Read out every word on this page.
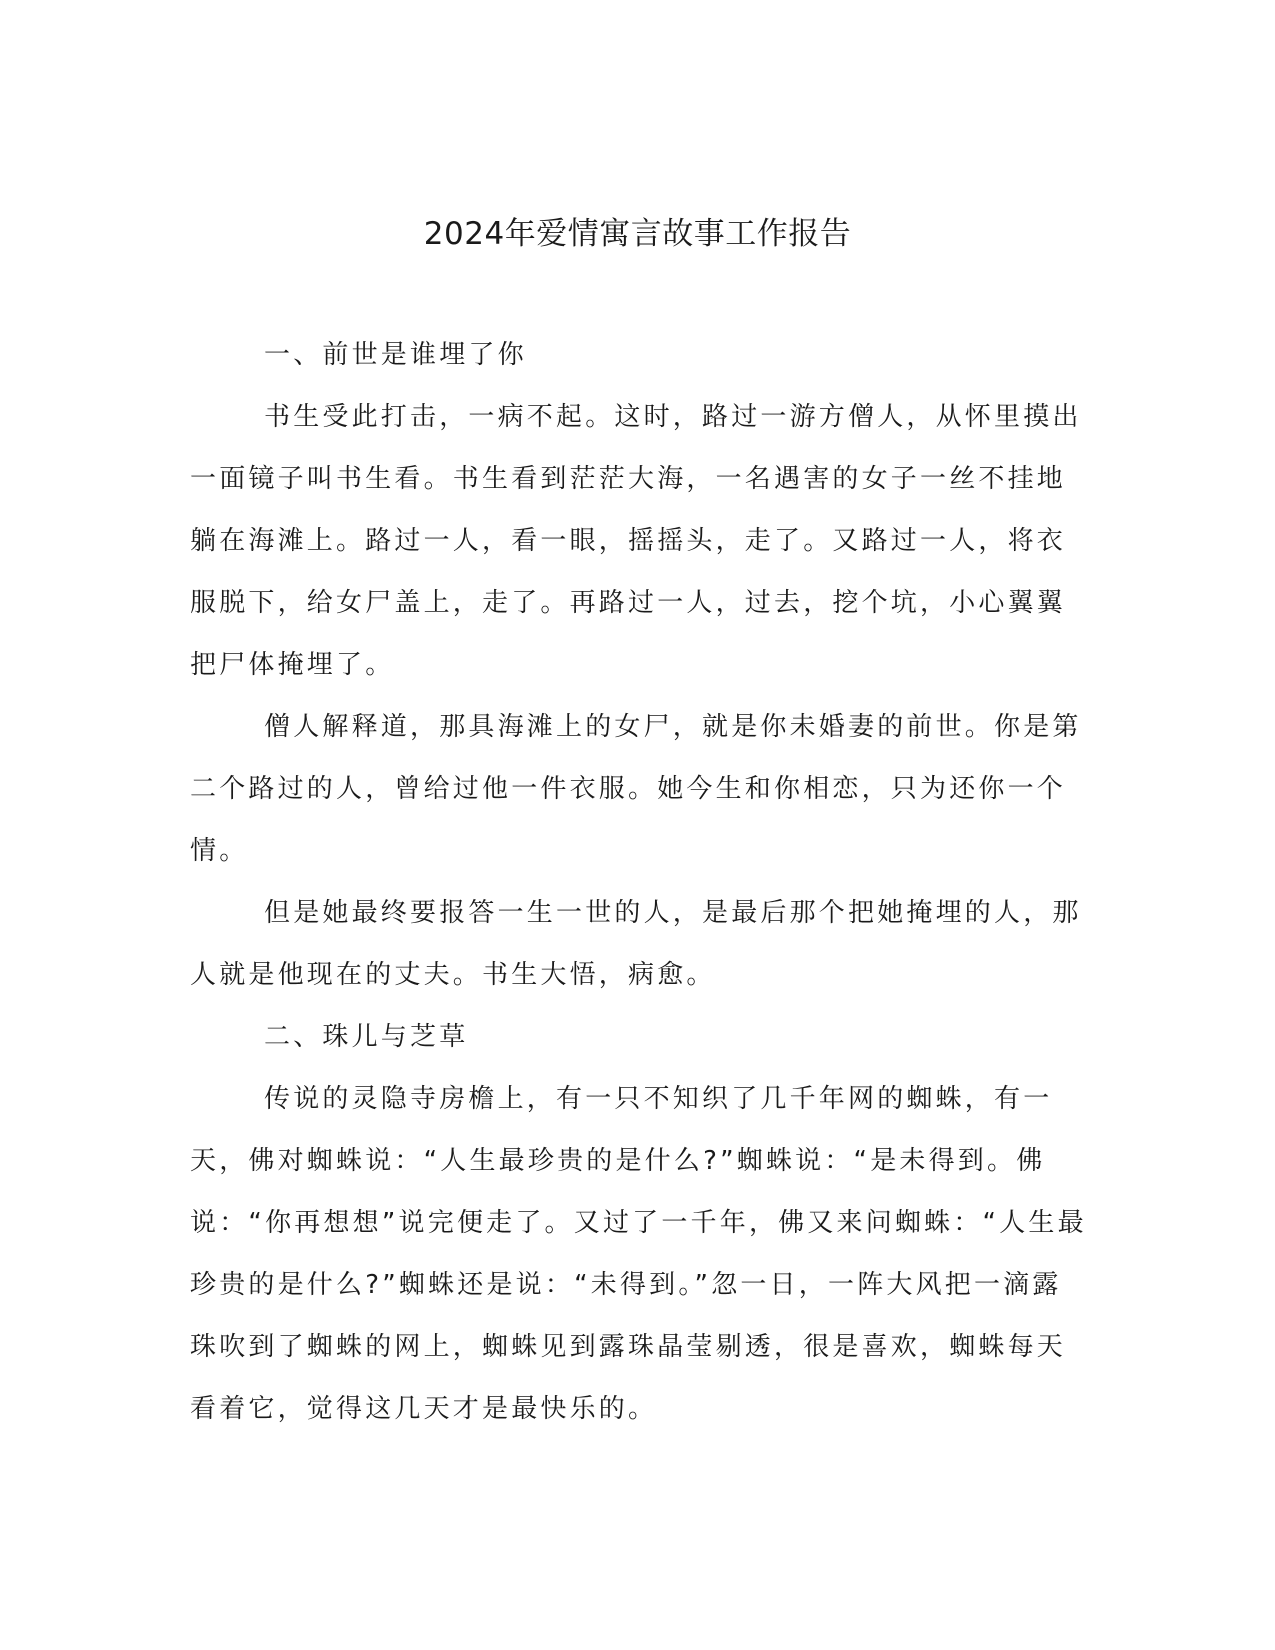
2024年爱情寓言故事工作报告

一、前世是谁埋了你

书生受此打击，一病不起。这时，路过一游方僧人，从怀里摸出一面镜子叫书生看。书生看到茫茫大海，一名遇害的女子一丝不挂地躺在海滩上。路过一人，看一眼，摇摇头，走了。又路过一人，将衣服脱下，给女尸盖上，走了。再路过一人，过去，挖个坑，小心翼翼把尸体掩埋了。

僧人解释道，那具海滩上的女尸，就是你未婚妻的前世。你是第二个路过的人，曾给过他一件衣服。她今生和你相恋，只为还你一个情。

但是她最终要报答一生一世的人，是最后那个把她掩埋的人，那人就是他现在的丈夫。书生大悟，病愈。

二、珠儿与芝草

传说的灵隐寺房檐上，有一只不知织了几千年网的蜘蛛，有一天，佛对蜘蛛说：“人生最珍贵的是什么?”蜘蛛说：“是未得到。佛说：“你再想想”说完便走了。又过了一千年，佛又来问蜘蛛：“人生最珍贵的是什么?”蜘蛛还是说：“未得到。”忽一日，一阵大风把一滴露珠吹到了蜘蛛的网上，蜘蛛见到露珠晶莹剔透，很是喜欢，蜘蛛每天看着它，觉得这几天才是最快乐的。
